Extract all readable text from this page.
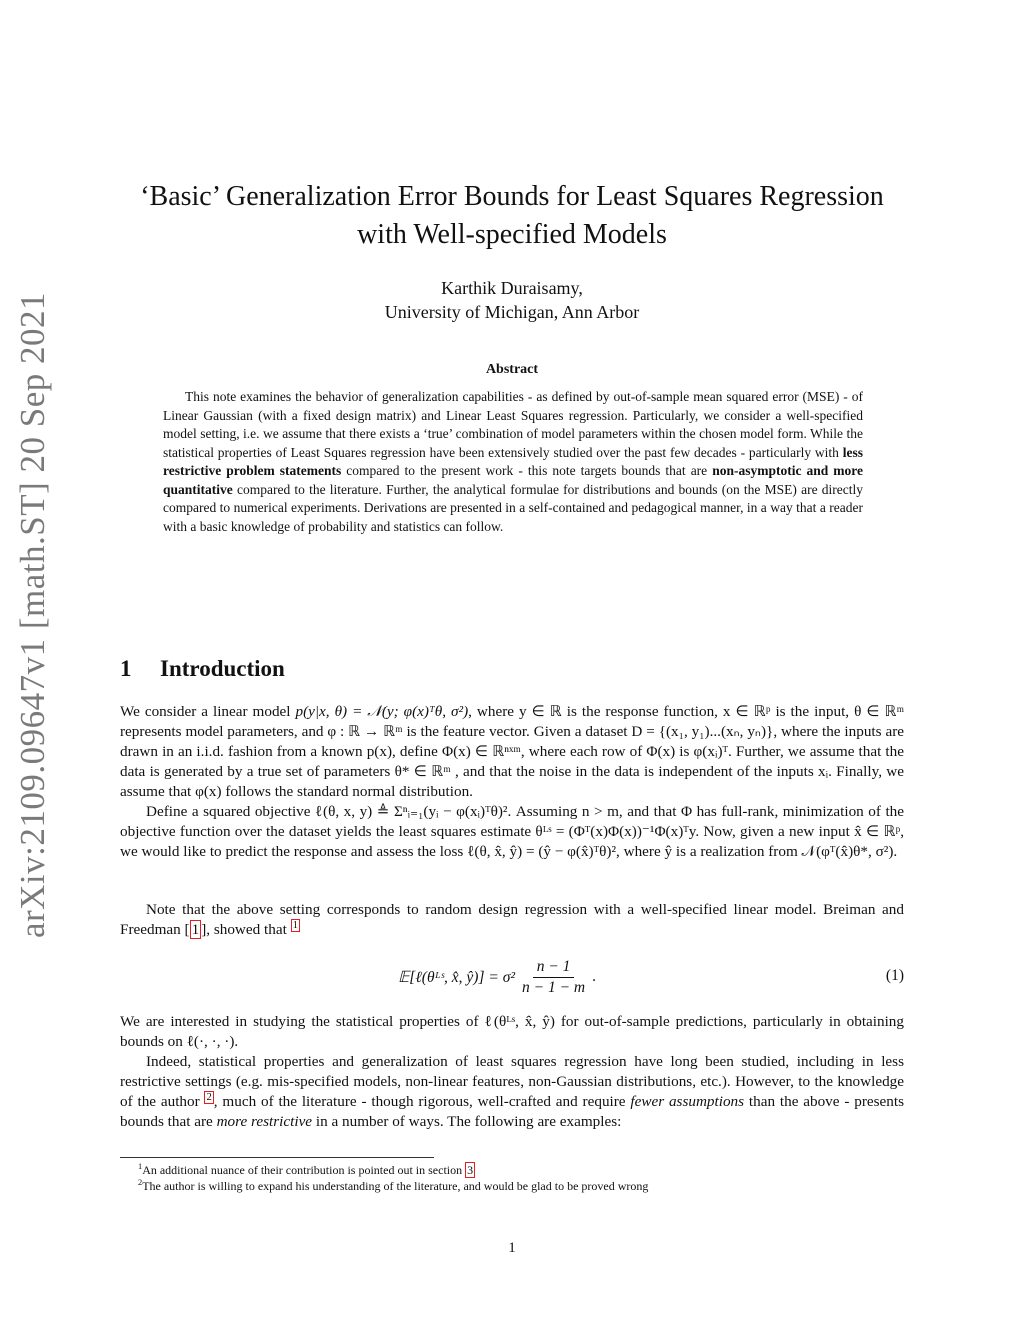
arXiv:2109.09647v1 [math.ST] 20 Sep 2021
‘Basic’ Generalization Error Bounds for Least Squares Regression
with Well-specified Models
Karthik Duraisamy,
University of Michigan, Ann Arbor
Abstract
This note examines the behavior of generalization capabilities - as defined by out-of-sample mean squared error (MSE) - of Linear Gaussian (with a fixed design matrix) and Linear Least Squares regression. Particularly, we consider a well-specified model setting, i.e. we assume that there exists a ‘true’ combination of model parameters within the chosen model form. While the statistical properties of Least Squares regression have been extensively studied over the past few decades - particularly with less restrictive problem statements compared to the present work - this note targets bounds that are non-asymptotic and more quantitative compared to the literature. Further, the analytical formulae for distributions and bounds (on the MSE) are directly compared to numerical experiments. Derivations are presented in a self-contained and pedagogical manner, in a way that a reader with a basic knowledge of probability and statistics can follow.
1 Introduction

We consider a linear model p(y|x, θ) = 𝒩(y; φ(x)ᵀθ, σ²), where y ∈ ℝ is the response function, x ∈ ℝᵖ is the input, θ ∈ ℝᵐ represents model parameters, and φ : ℝ → ℝᵐ is the feature vector. Given a dataset D = {(x₁, y₁)...(xₙ, yₙ)}, where the inputs are drawn in an i.i.d. fashion from a known p(x), define Φ(x) ∈ ℝⁿˣᵐ, where each row of Φ(x) is φ(xᵢ)ᵀ. Further, we assume that the data is generated by a true set of parameters θ* ∈ ℝᵐ , and that the noise in the data is independent of the inputs xᵢ. Finally, we assume that φ(x) follows the standard normal distribution.

Define a squared objective ℓ(θ, x, y) ≜ Σⁿᵢ₌₁(yᵢ − φ(xᵢ)ᵀθ)². Assuming n > m, and that Φ has full-rank, minimization of the objective function over the dataset yields the least squares estimate θᴸˢ = (Φᵀ(x)Φ(x))⁻¹Φ(x)ᵀy. Now, given a new input x̂ ∈ ℝᵖ, we would like to predict the response and assess the loss ℓ(θ, x̂, ŷ) = (ŷ − φ(x̂)ᵀθ)², where ŷ is a realization from 𝒩(φᵀ(x̂)θ*, σ²).

Note that the above setting corresponds to random design regression with a well-specified linear model. Breiman and Freedman [ 1 ], showed that $^1$

𝔼[ℓ(θᴸˢ, x̂, ŷ)] = $\sigma^2 \frac{n - 1}{n - 1 - m}$ .	(1)

We are interested in studying the statistical properties of ℓ(θᴸˢ, x̂, ŷ) for out-of-sample predictions, particularly in obtaining bounds on ℓ(·, ·, ·).

Indeed, statistical properties and generalization of least squares regression have long been studied, including in less restrictive settings (e.g. mis-specified models, non-linear features, non-Gaussian distributions, etc.). However, to the knowledge of the author $^2$ , much of the literature - though rigorous, well-crafted and require fewer assumptions than the above - presents bounds that are more restrictive in a number of ways. The following are examples:

$^1$An additional nuance of their contribution is pointed out in section 3

$^2$The author is willing to expand his understanding of the literature, and would be glad to be proved wrong

1
